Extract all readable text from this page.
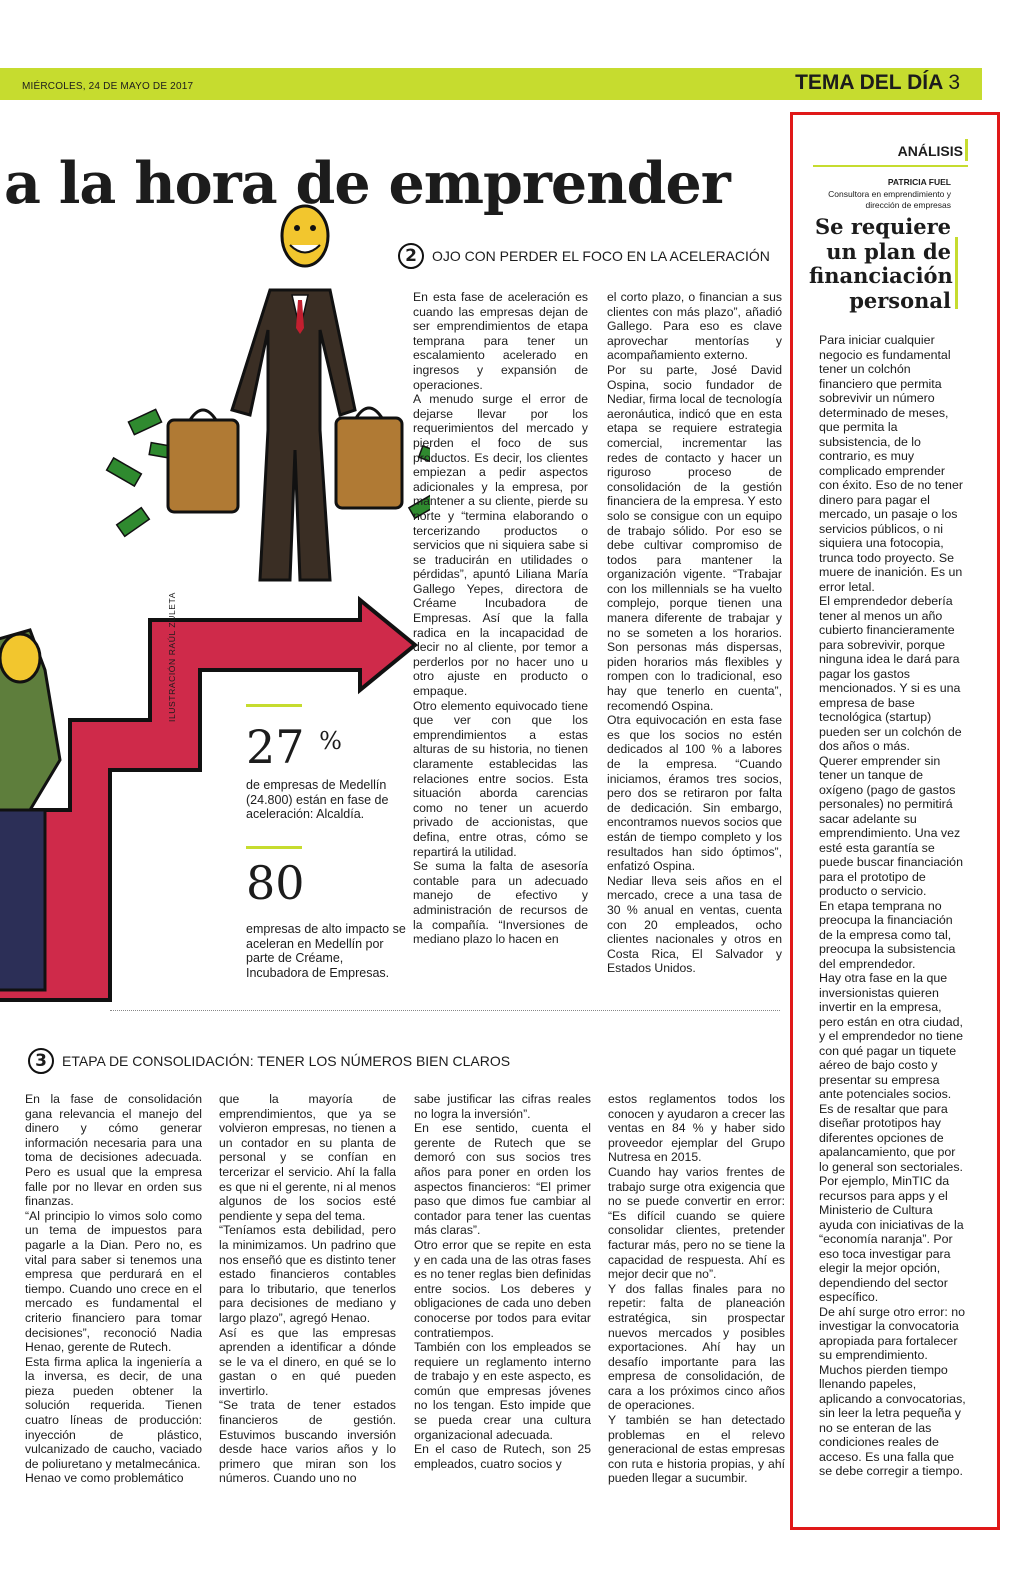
MIÉRCOLES, 24 DE MAYO DE 2017	TEMA DEL DÍA 3
a la hora de emprender
ILUSTRACIÓN RAÚL ZULETA
2	OJO CON PERDER EL FOCO EN LA ACELERACIÓN
En esta fase de aceleración es cuando las empresas dejan de ser emprendimientos de etapa temprana para tener un escalamiento acelerado en ingresos y expansión de operaciones.
A menudo surge el error de dejarse llevar por los requerimientos del mercado y pierden el foco de sus productos. Es decir, los clientes empiezan a pedir aspectos adicionales y la empresa, por mantener a su cliente, pierde su norte y “termina elaborando o tercerizando productos o servicios que ni siquiera sabe si se traducirán en utilidades o pérdidas”, apuntó Liliana María Gallego Yepes, directora de Créame Incubadora de Empresas. Así que la falla radica en la incapacidad de decir no al cliente, por temor a perderlos por no hacer uno u otro ajuste en producto o empaque.
Otro elemento equivocado tiene que ver con que los emprendimientos a estas alturas de su historia, no tienen claramente establecidas las relaciones entre socios. Esta situación aborda carencias como no tener un acuerdo privado de accionistas, que defina, entre otras, cómo se repartirá la utilidad.
Se suma la falta de asesoría contable para un adecuado manejo de efectivo y administración de recursos de la compañía. “Inversiones de mediano plazo lo hacen en
el corto plazo, o financian a sus clientes con más plazo”, añadió Gallego. Para eso es clave aprovechar mentorías y acompañamiento externo.
Por su parte, José David Ospina, socio fundador de Nediar, firma local de tecnología aeronáutica, indicó que en esta etapa se requiere estrategia comercial, incrementar las redes de contacto y hacer un riguroso proceso de consolidación de la gestión financiera de la empresa. Y esto solo se consigue con un equipo de trabajo sólido. Por eso se debe cultivar compromiso de todos para mantener la organización vigente. “Trabajar con los millennials se ha vuelto complejo, porque tienen una manera diferente de trabajar y no se someten a los horarios. Son personas más dispersas, piden horarios más flexibles y rompen con lo tradicional, eso hay que tenerlo en cuenta”, recomendó Ospina.
Otra equivocación en esta fase es que los socios no estén dedicados al 100 % a labores de la empresa. “Cuando iniciamos, éramos tres socios, pero dos se retiraron por falta de dedicación. Sin embargo, encontramos nuevos socios que están de tiempo completo y los resultados han sido óptimos”, enfatizó Ospina.
Nediar lleva seis años en el mercado, crece a una tasa de 30 % anual en ventas, cuenta con 20 empleados, ocho clientes nacionales y otros en Costa Rica, El Salvador y Estados Unidos.
27 %
de empresas de Medellín (24.800) están en fase de aceleración: Alcaldía.
80
empresas de alto impacto se aceleran en Medellín por parte de Créame, Incubadora de Empresas.
3	ETAPA DE CONSOLIDACIÓN: TENER LOS NÚMEROS BIEN CLAROS
En la fase de consolidación gana relevancia el manejo del dinero y cómo generar información necesaria para una toma de decisiones adecuada. Pero es usual que la empresa falle por no llevar en orden sus finanzas.
“Al principio lo vimos solo como un tema de impuestos para pagarle a la Dian. Pero no, es vital para saber si tenemos una empresa que perdurará en el tiempo. Cuando uno crece en el mercado es fundamental el criterio financiero para tomar decisiones”, reconoció Nadia Henao, gerente de Rutech.
Esta firma aplica la ingeniería a la inversa, es decir, de una pieza pueden obtener la solución requerida. Tienen cuatro líneas de producción: inyección de plástico, vulcanizado de caucho, vaciado de poliuretano y metalmecánica.
Henao ve como problemático
que la mayoría de emprendimientos, que ya se volvieron empresas, no tienen a un contador en su planta de personal y se confían en tercerizar el servicio. Ahí la falla es que ni el gerente, ni al menos algunos de los socios esté pendiente y sepa del tema.
“Teníamos esta debilidad, pero la minimizamos. Un padrino que nos enseñó que es distinto tener estado financieros contables para lo tributario, que tenerlos para decisiones de mediano y largo plazo”, agregó Henao.
Así es que las empresas aprenden a identificar a dónde se le va el dinero, en qué se lo gastan o en qué pueden invertirlo.
“Se trata de tener estados financieros de gestión. Estuvimos buscando inversión desde hace varios años y lo primero que miran son los números. Cuando uno no
sabe justificar las cifras reales no logra la inversión”.
En ese sentido, cuenta el gerente de Rutech que se demoró con sus socios tres años para poner en orden los aspectos financieros: “El primer paso que dimos fue cambiar al contador para tener las cuentas más claras”.
Otro error que se repite en esta y en cada una de las otras fases es no tener reglas bien definidas entre socios. Los deberes y obligaciones de cada uno deben conocerse por todos para evitar contratiempos.
También con los empleados se requiere un reglamento interno de trabajo y en este aspecto, es común que empresas jóvenes no los tengan. Esto impide que se pueda crear una cultura organizacional adecuada.
En el caso de Rutech, son 25 empleados, cuatro socios y
estos reglamentos todos los conocen y ayudaron a crecer las ventas en 84 % y haber sido proveedor ejemplar del Grupo Nutresa en 2015.
Cuando hay varios frentes de trabajo surge otra exigencia que no se puede convertir en error: “Es difícil cuando se quiere consolidar clientes, pretender facturar más, pero no se tiene la capacidad de respuesta. Ahí es mejor decir que no”.
Y dos fallas finales para no repetir: falta de planeación estratégica, sin prospectar nuevos mercados y posibles exportaciones. Ahí hay un desafío importante para las empresa de consolidación, de cara a los próximos cinco años de operaciones.
Y también se han detectado problemas en el relevo generacional de estas empresas con ruta e historia propias, y ahí pueden llegar a sucumbir.
ANÁLISIS
PATRICIA FUEL
Consultora en emprendimiento y dirección de empresas
Se requiere un plan de financiación personal
Para iniciar cualquier negocio es fundamental tener un colchón financiero que permita sobrevivir un número determinado de meses, que permita la subsistencia, de lo contrario, es muy complicado emprender con éxito. Eso de no tener dinero para pagar el mercado, un pasaje o los servicios públicos, o ni siquiera una fotocopia, trunca todo proyecto. Se muere de inanición. Es un error letal.
El emprendedor debería tener al menos un año cubierto financieramente para sobrevivir, porque ninguna idea le dará para pagar los gastos mencionados. Y si es una empresa de base tecnológica (startup) pueden ser un colchón de dos años o más.
Querer emprender sin tener un tanque de oxígeno (pago de gastos personales) no permitirá sacar adelante su emprendimiento. Una vez esté esta garantía se puede buscar financiación para el prototipo de producto o servicio.
En etapa temprana no preocupa la financiación de la empresa como tal, preocupa la subsistencia del emprendedor.
Hay otra fase en la que inversionistas quieren invertir en la empresa, pero están en otra ciudad, y el emprendedor no tiene con qué pagar un tiquete aéreo de bajo costo y presentar su empresa ante potenciales socios.
Es de resaltar que para diseñar prototipos hay diferentes opciones de apalancamiento, que por lo general son sectoriales. Por ejemplo, MinTIC da recursos para apps y el Ministerio de Cultura ayuda con iniciativas de la “economía naranja”. Por eso toca investigar para elegir la mejor opción, dependiendo del sector específico.
De ahí surge otro error: no investigar la convocatoria apropiada para fortalecer su emprendimiento. Muchos pierden tiempo llenando papeles, aplicando a convocatorias, sin leer la letra pequeña y no se enteran de las condiciones reales de acceso. Es una falla que se debe corregir a tiempo.
